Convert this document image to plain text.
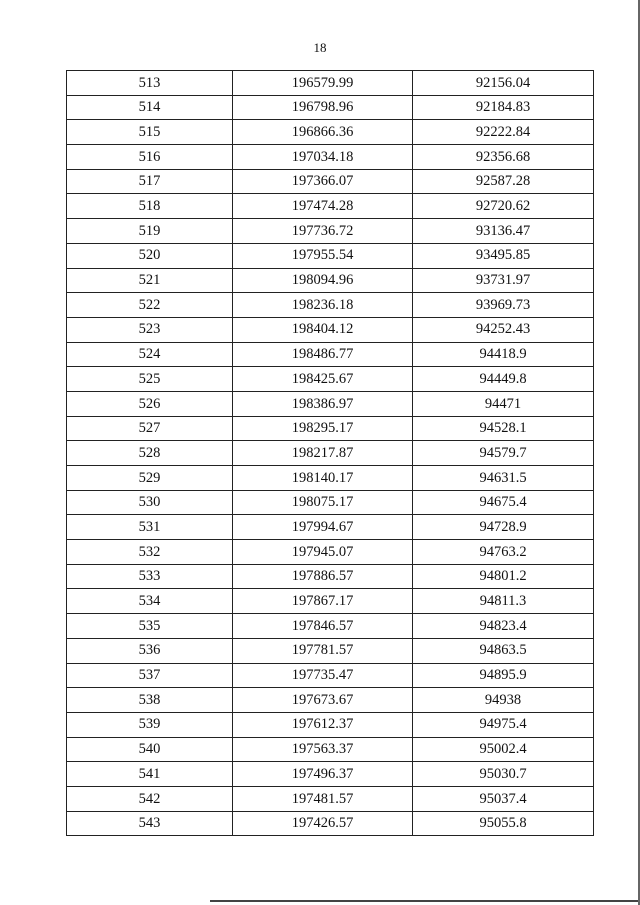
18
513	196579.99	92156.04
514	196798.96	92184.83
515	196866.36	92222.84
516	197034.18	92356.68
517	197366.07	92587.28
518	197474.28	92720.62
519	197736.72	93136.47
520	197955.54	93495.85
521	198094.96	93731.97
522	198236.18	93969.73
523	198404.12	94252.43
524	198486.77	94418.9
525	198425.67	94449.8
526	198386.97	94471
527	198295.17	94528.1
528	198217.87	94579.7
529	198140.17	94631.5
530	198075.17	94675.4
531	197994.67	94728.9
532	197945.07	94763.2
533	197886.57	94801.2
534	197867.17	94811.3
535	197846.57	94823.4
536	197781.57	94863.5
537	197735.47	94895.9
538	197673.67	94938
539	197612.37	94975.4
540	197563.37	95002.4
541	197496.37	95030.7
542	197481.57	95037.4
543	197426.57	95055.8
